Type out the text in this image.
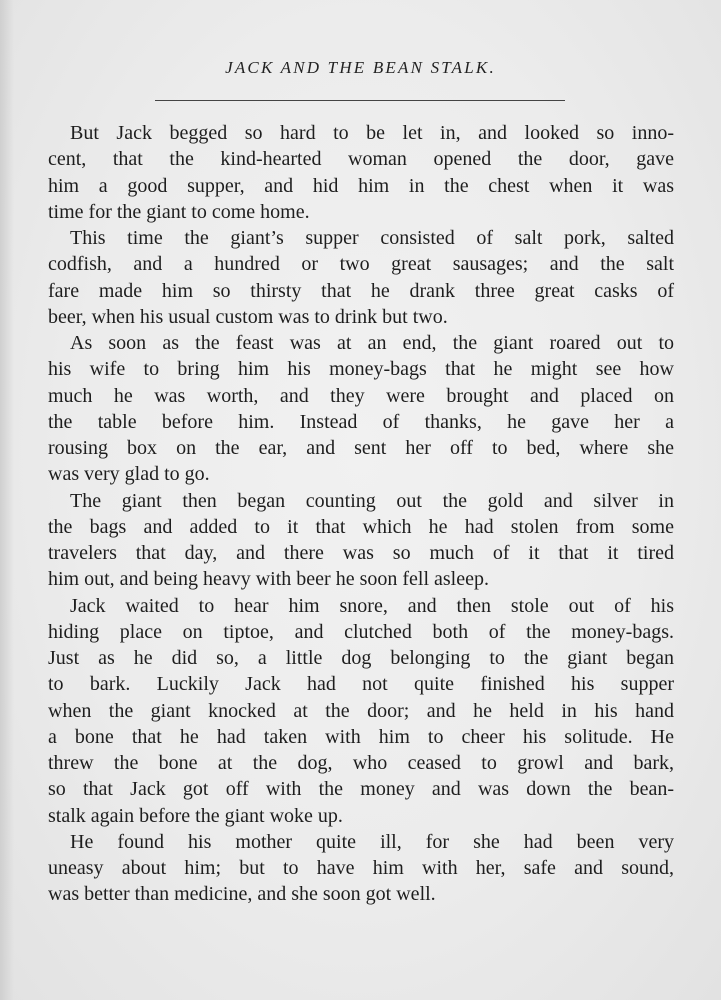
JACK AND THE BEAN STALK.
But Jack begged so hard to be let in, and looked so inno-
cent, that the kind-hearted woman opened the door, gave
him a good supper, and hid him in the chest when it was
time for the giant to come home.
This time the giant’s supper consisted of salt pork, salted
codfish, and a hundred or two great sausages; and the salt
fare made him so thirsty that he drank three great casks of
beer, when his usual custom was to drink but two.
As soon as the feast was at an end, the giant roared out to
his wife to bring him his money-bags that he might see how
much he was worth, and they were brought and placed on
the table before him. Instead of thanks, he gave her a
rousing box on the ear, and sent her off to bed, where she
was very glad to go.
The giant then began counting out the gold and silver in
the bags and added to it that which he had stolen from some
travelers that day, and there was so much of it that it tired
him out, and being heavy with beer he soon fell asleep.
Jack waited to hear him snore, and then stole out of his
hiding place on tiptoe, and clutched both of the money-bags.
Just as he did so, a little dog belonging to the giant began
to bark. Luckily Jack had not quite finished his supper
when the giant knocked at the door; and he held in his hand
a bone that he had taken with him to cheer his solitude. He
threw the bone at the dog, who ceased to growl and bark,
so that Jack got off with the money and was down the bean-
stalk again before the giant woke up.
He found his mother quite ill, for she had been very
uneasy about him; but to have him with her, safe and sound,
was better than medicine, and she soon got well.
